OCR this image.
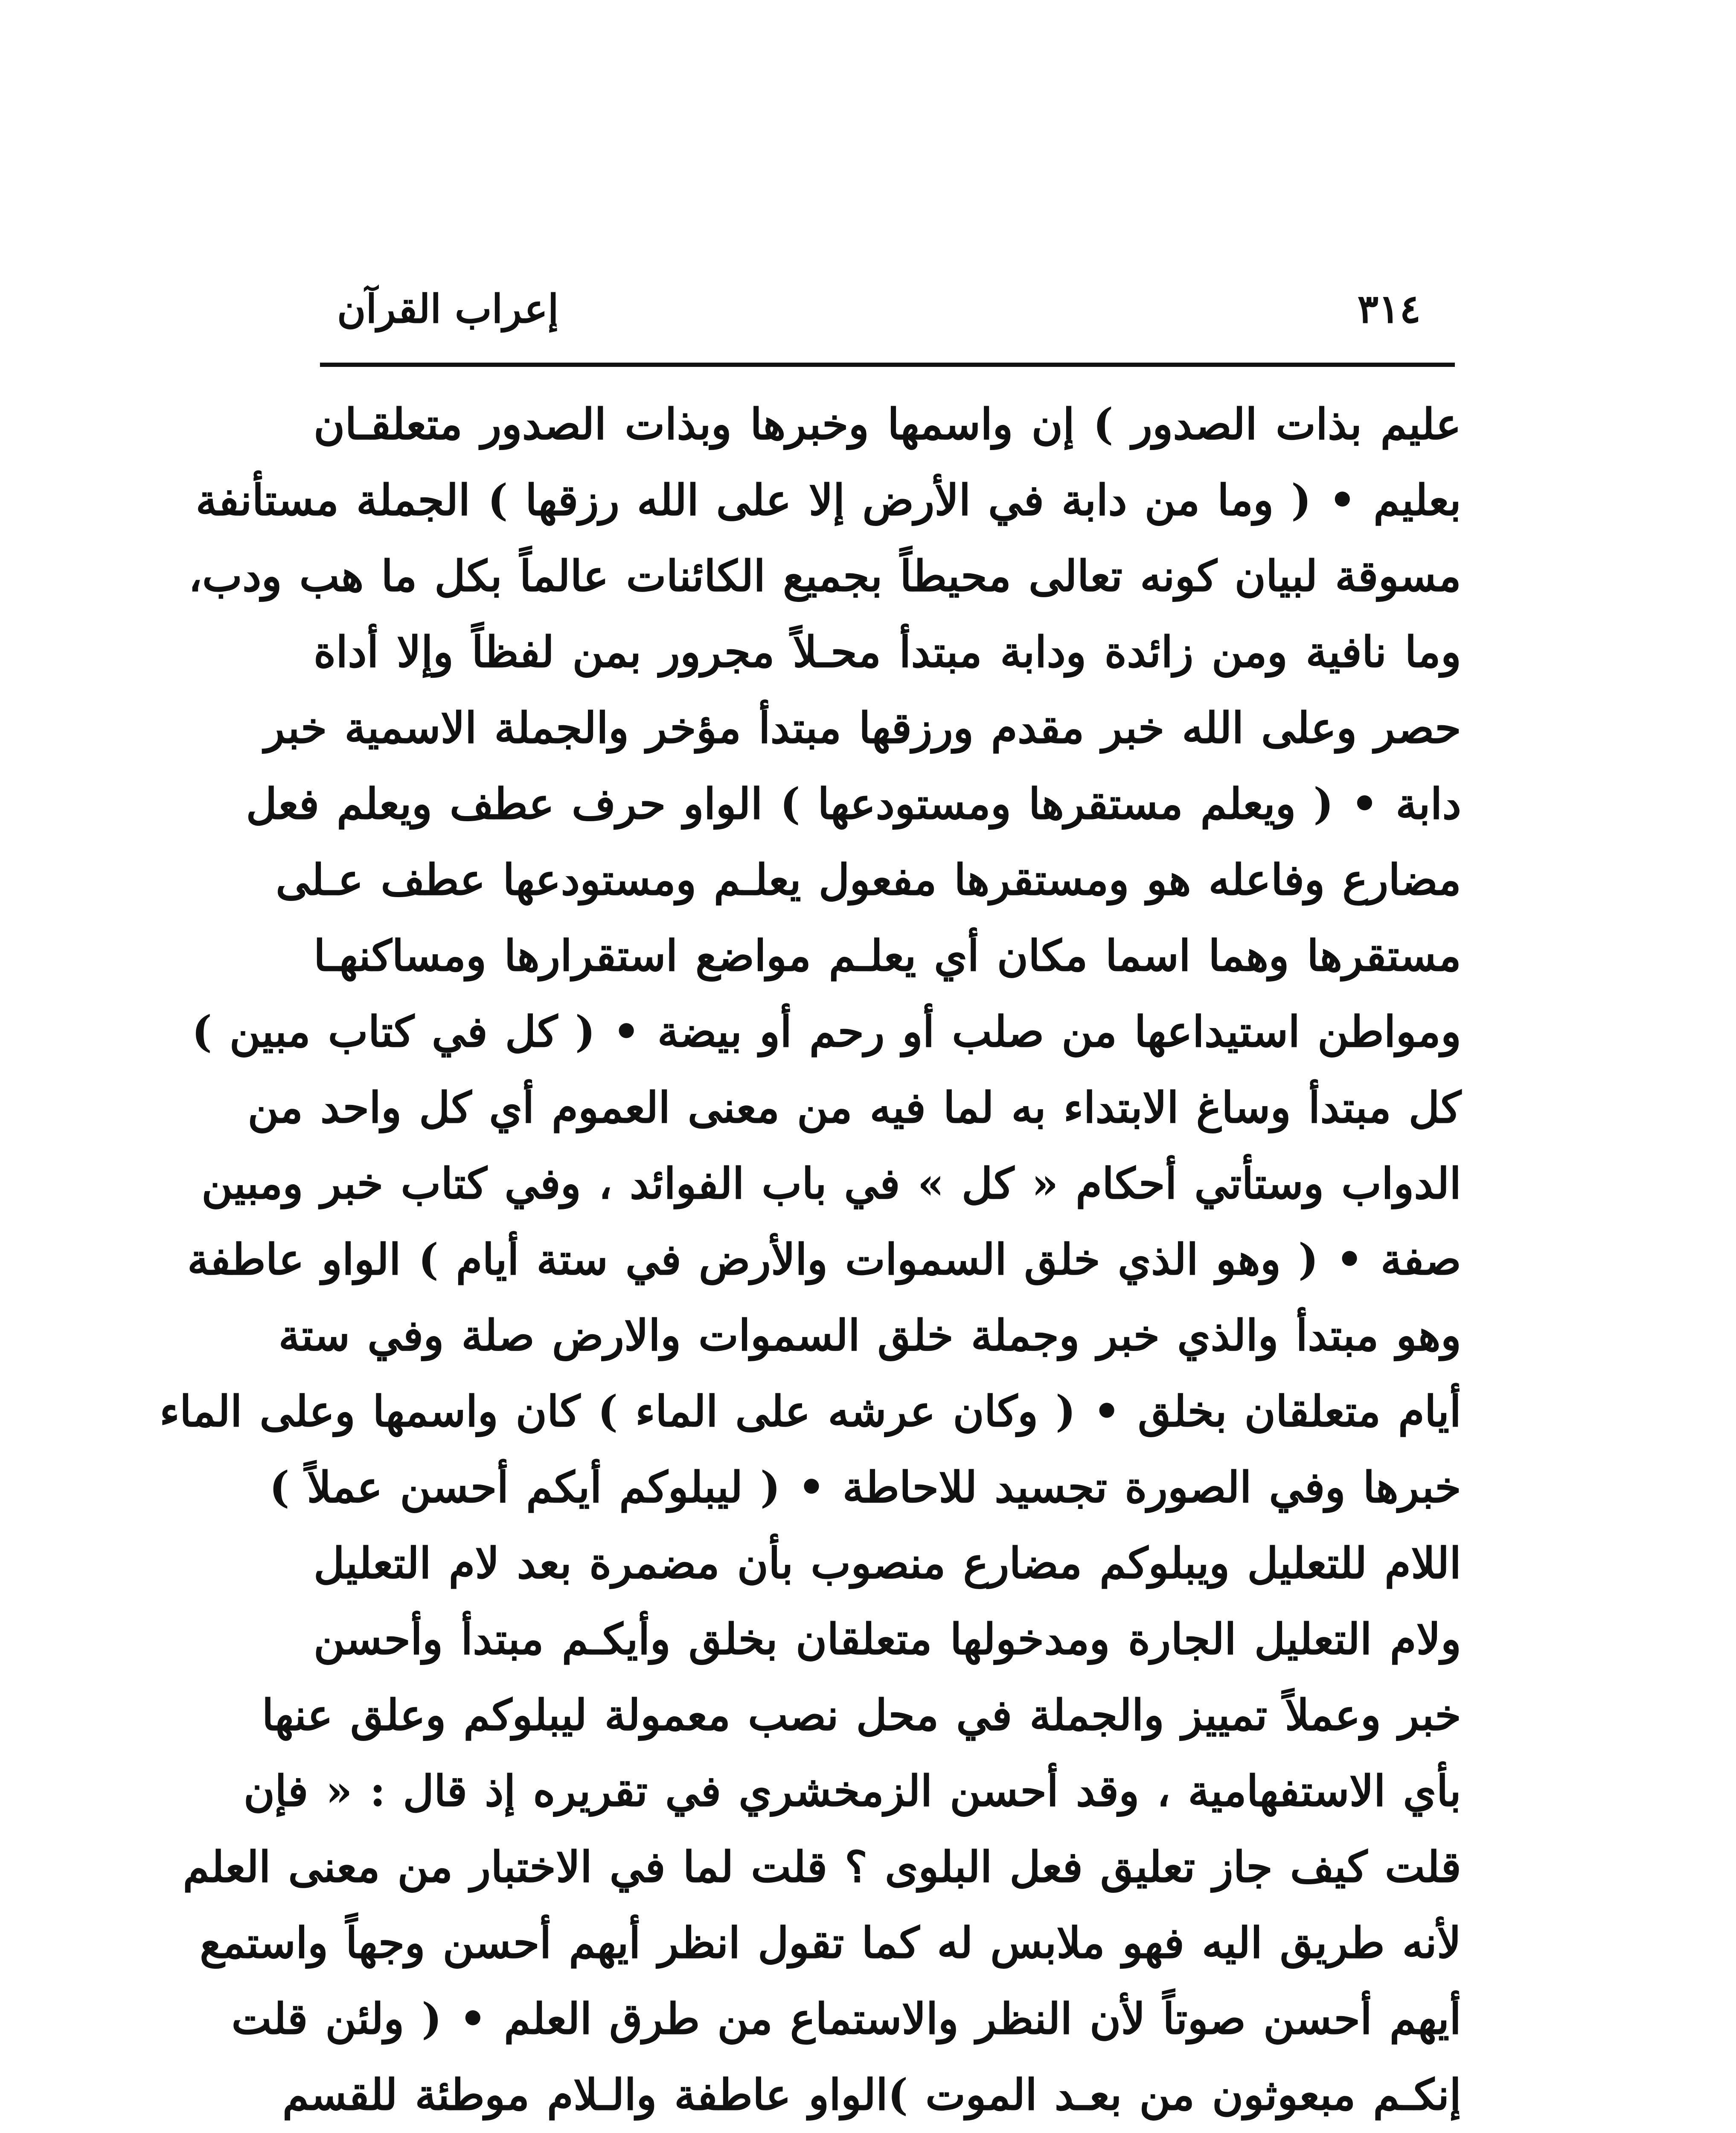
إعراب القرآن	٣١٤
عليم بذات الصدور ) إن واسمها وخبرها وبذات الصدور متعلقـان
بعليم • ( وما من دابة في الأرض إلا على الله رزقها ) الجملة مستأنفة
مسوقة لبيان كونه تعالى محيطاً بجميع الكائنات عالماً بكل ما هب ودب،
وما نافية ومن زائدة ودابة مبتدأ محـلاً مجرور بمن لفظاً وإلا أداة
حصر وعلى الله خبر مقدم ورزقها مبتدأ مؤخر والجملة الاسمية خبر
دابة • ( ويعلم مستقرها ومستودعها ) الواو حرف عطف ويعلم فعل
مضارع وفاعله هو ومستقرها مفعول يعلـم ومستودعها عطف عـلى
مستقرها وهما اسما مكان أي يعلـم مواضع استقرارها ومساكنهـا
ومواطن استيداعها من صلب أو رحم أو بيضة • ( كل في كتاب مبين )
كل مبتدأ وساغ الابتداء به لما فيه من معنى العموم أي كل واحد من
الدواب وستأتي أحكام « كل » في باب الفوائد ، وفي كتاب خبر ومبين
صفة • ( وهو الذي خلق السموات والأرض في ستة أيام ) الواو عاطفة
وهو مبتدأ والذي خبر وجملة خلق السموات والارض صلة وفي ستة
أيام متعلقان بخلق • ( وكان عرشه على الماء ) كان واسمها وعلى الماء
خبرها وفي الصورة تجسيد للاحاطة • ( ليبلوكم أيكم أحسن عملاً )
اللام للتعليل ويبلوكم مضارع منصوب بأن مضمرة بعد لام التعليل
ولام التعليل الجارة ومدخولها متعلقان بخلق وأيكـم مبتدأ وأحسن
خبر وعملاً تمييز والجملة في محل نصب معمولة ليبلوكم وعلق عنها
بأي الاستفهامية ، وقد أحسن الزمخشري في تقريره إذ قال : « فإن
قلت كيف جاز تعليق فعل البلوى ؟ قلت لما في الاختبار من معنى العلم
لأنه طريق اليه فهو ملابس له كما تقول انظر أيهم أحسن وجهاً واستمع
أيهم أحسن صوتاً لأن النظر والاستماع من طرق العلم • ( ولئن قلت
إنكـم مبعوثون من بعـد الموت )الواو عاطفة والـلام موطئة للقسم
